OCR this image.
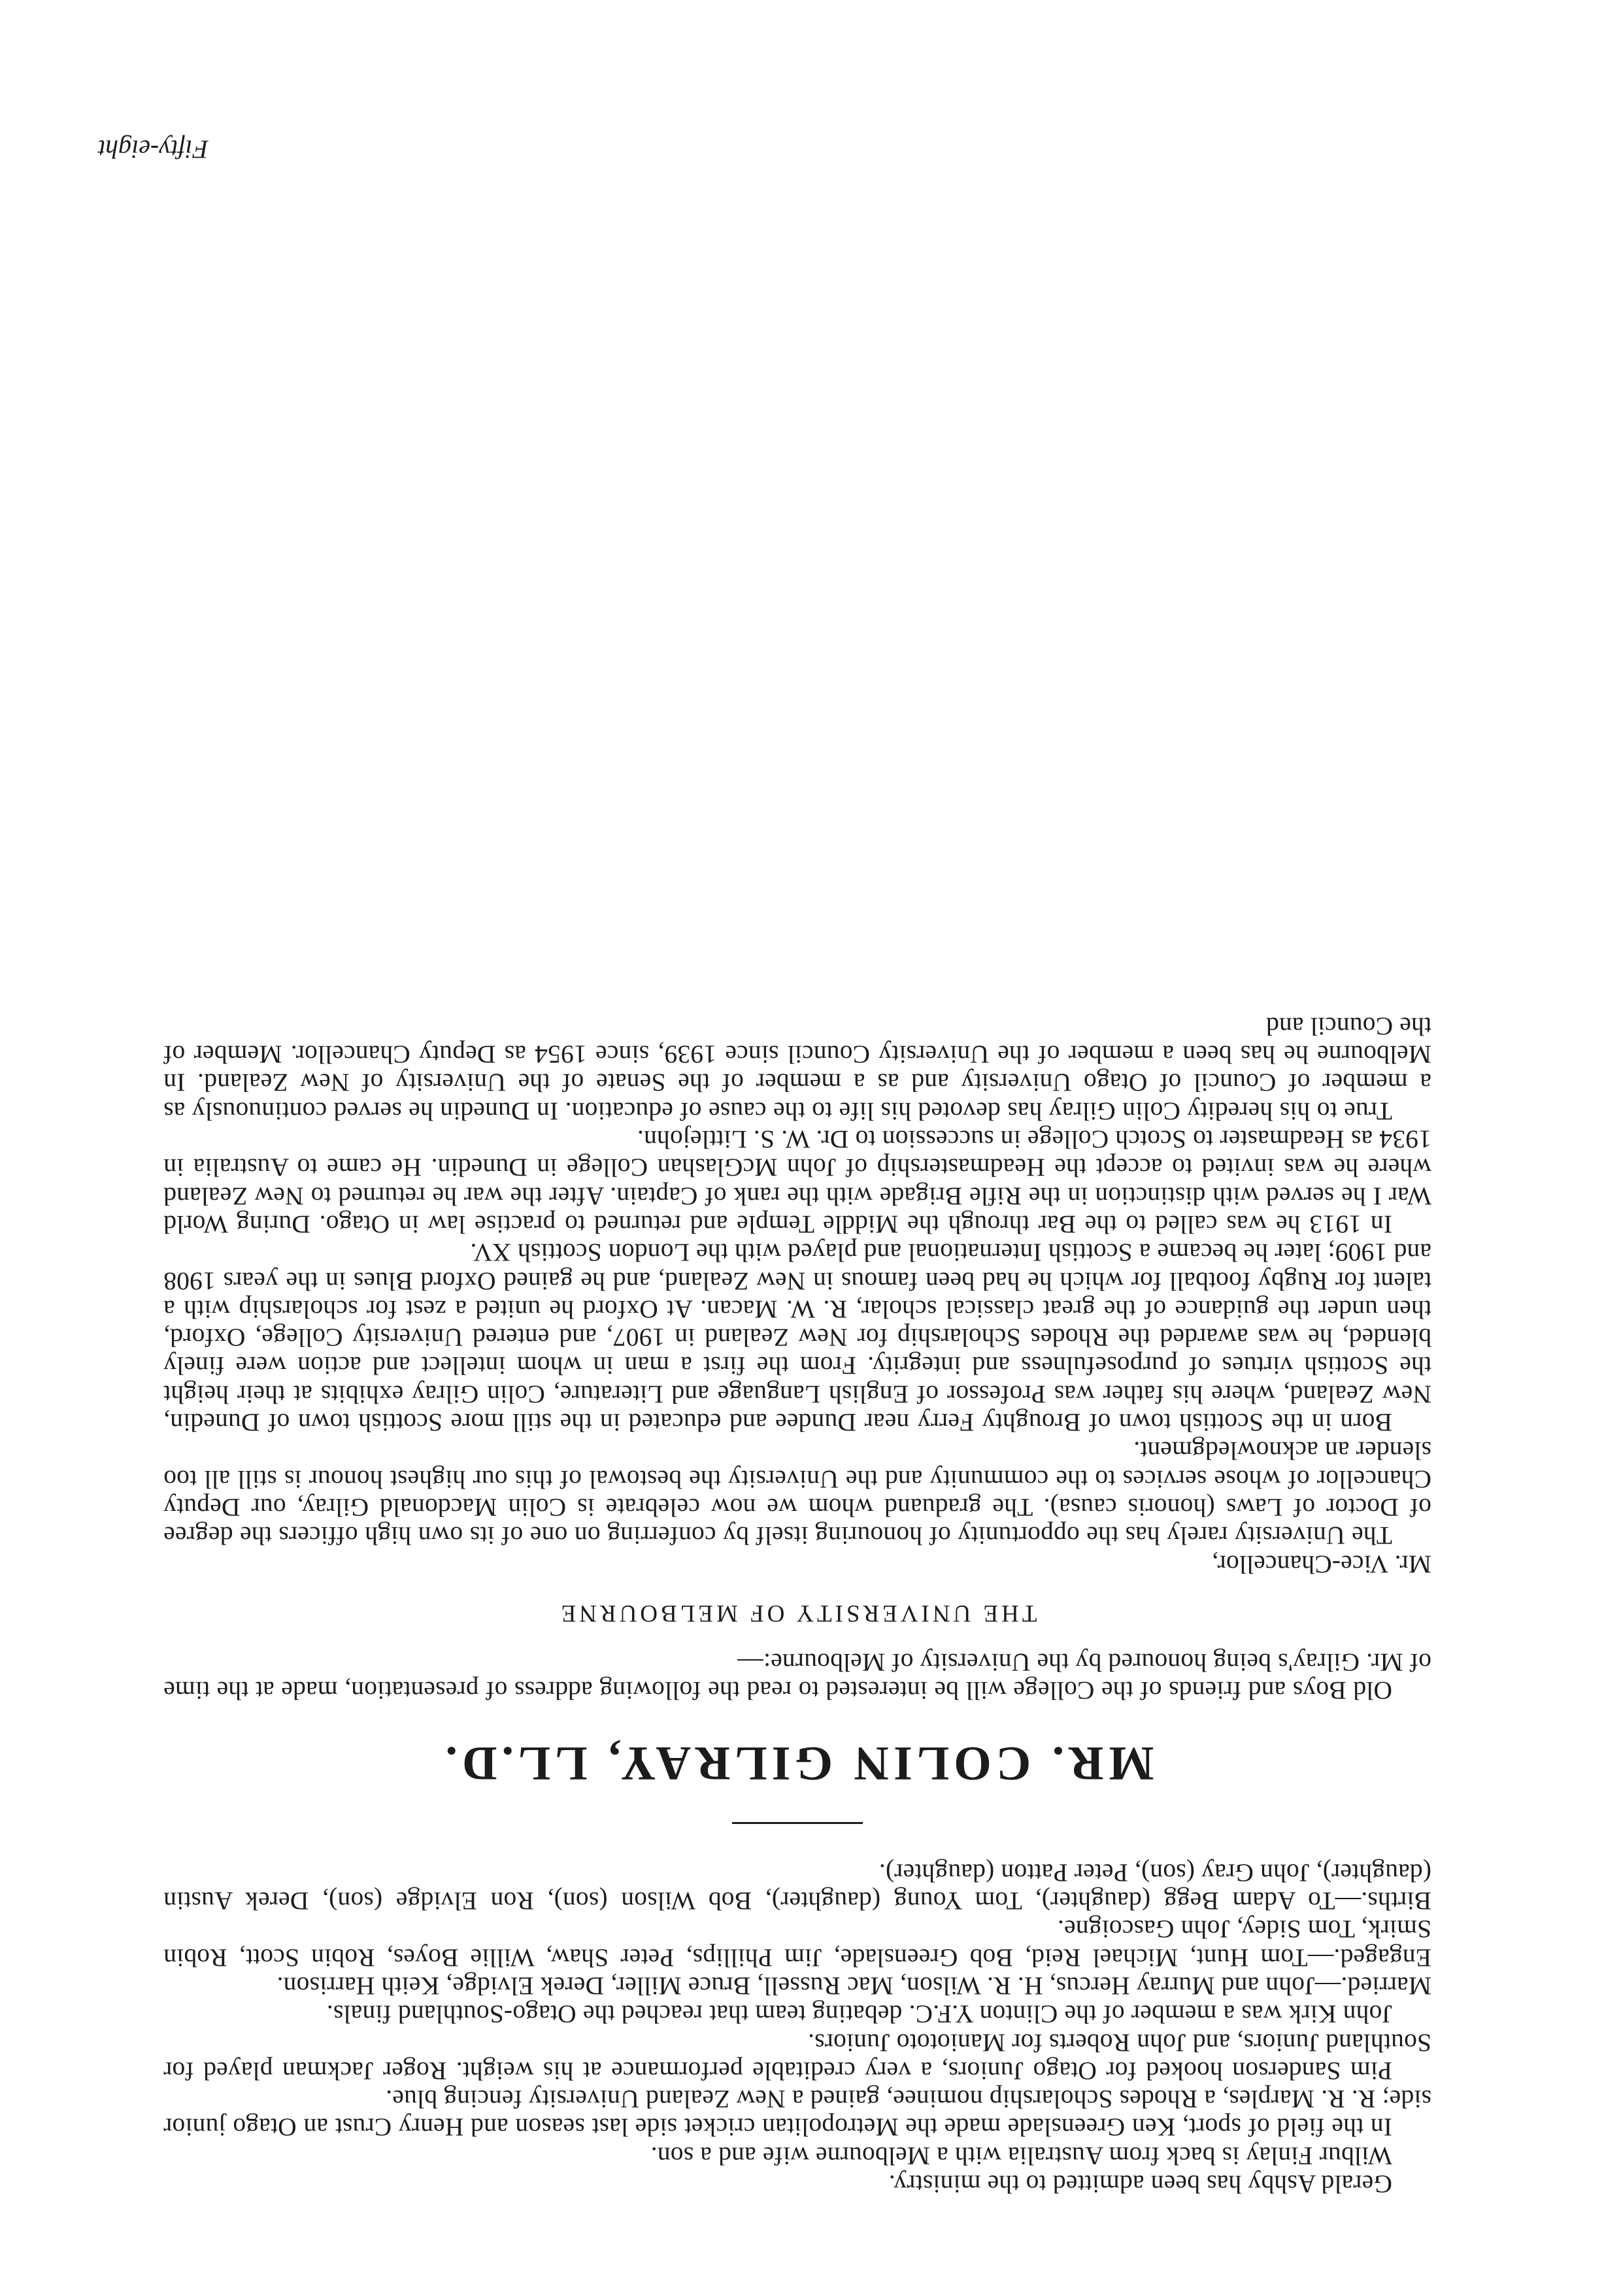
Gerald Ashby has been admitted to the ministry.

Wilbur Finlay is back from Australia with a Melbourne wife and a son.

In the field of sport, Ken Greenslade made the Metropolitan cricket side last season and Henry Crust an Otago junior side; R. R. Marples, a Rhodes Scholarship nominee, gained a New Zealand University fencing blue.

Pim Sanderson hooked for Otago Juniors, a very creditable performance at his weight. Roger Jackman played for Southland Juniors, and John Roberts for Maniototo Juniors.

John Kirk was a member of the Clinton Y.F.C. debating team that reached the Otago-Southland finals.

Married.—John and Murray Hercus, H. R. Wilson, Mac Russell, Bruce Miller, Derek Elvidge, Keith Harrison.

Engaged.—Tom Hunt, Michael Reid, Bob Greenslade, Jim Phillips, Peter Shaw, Willie Boyes, Robin Scott, Robin Smirk, Tom Sidey, John Gascoigne.

Births.—To Adam Begg (daughter), Tom Young (daughter), Bob Wilson (son), Ron Elvidge (son), Derek Austin (daughter), John Gray (son), Peter Patton (daughter).

MR. COLIN GILRAY, LL.D.

Old Boys and friends of the College will be interested to read the following address of presentation, made at the time of Mr. Gilray's being honoured by the University of Melbourne:—

THE UNIVERSITY OF MELBOURNE

Mr. Vice-Chancellor,

The University rarely has the opportunity of honouring itself by conferring on one of its own high officers the degree of Doctor of Laws (honoris causa). The graduand whom we now celebrate is Colin Macdonald Gilray, our Deputy Chancellor of whose services to the community and the University the bestowal of this our highest honour is still all too slender an acknowledgment.

Born in the Scottish town of Broughty Ferry near Dundee and educated in the still more Scottish town of Dunedin, New Zealand, where his father was Professor of English Language and Literature, Colin Gilray exhibits at their height the Scottish virtues of purposefulness and integrity. From the first a man in whom intellect and action were finely blended, he was awarded the Rhodes Scholarship for New Zealand in 1907, and entered University College, Oxford, then under the guidance of the great classical scholar, R. W. Macan. At Oxford he united a zest for scholarship with a talent for Rugby football for which he had been famous in New Zealand, and he gained Oxford Blues in the years 1908 and 1909; later he became a Scottish International and played with the London Scottish XV.

In 1913 he was called to the Bar through the Middle Temple and returned to practise law in Otago. During World War I he served with distinction in the Rifle Brigade with the rank of Captain. After the war he returned to New Zealand where he was invited to accept the Headmastership of John McGlashan College in Dunedin. He came to Australia in 1934 as Headmaster to Scotch College in succession to Dr. W. S. Littlejohn.

True to his heredity Colin Gilray has devoted his life to the cause of education. In Dunedin he served continuously as a member of Council of Otago University and as a member of the Senate of the University of New Zealand. In Melbourne he has been a member of the University Council since 1939, since 1954 as Deputy Chancellor. Member of the Council and

Fifty-eight
